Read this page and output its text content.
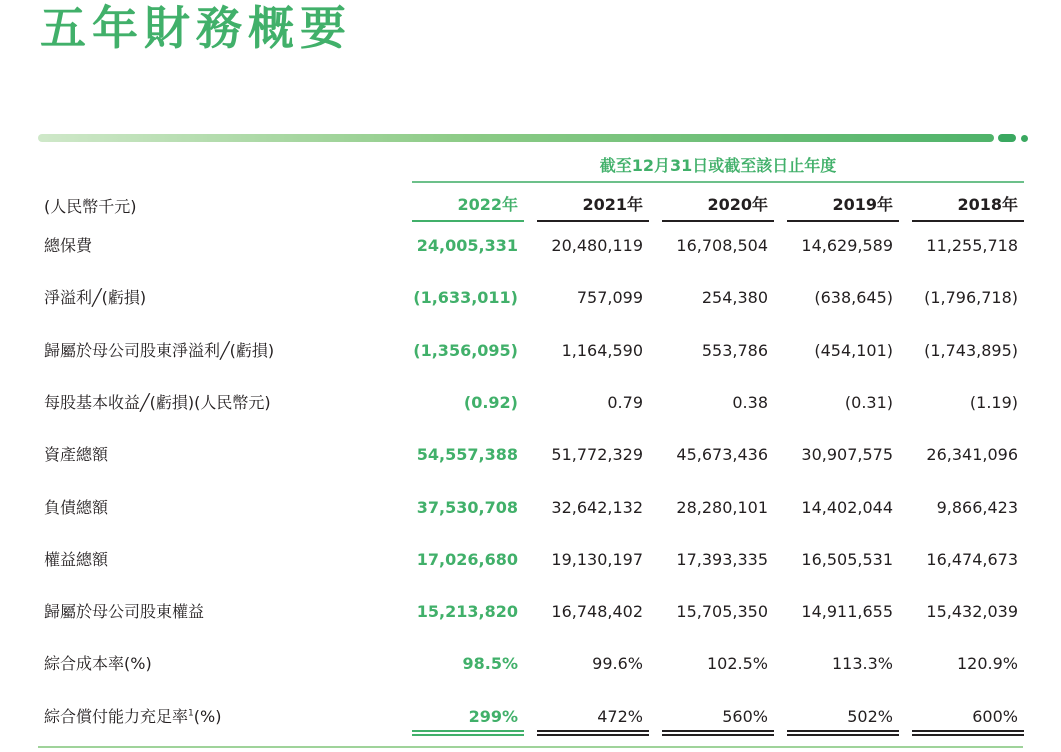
五年財務概要
截至12月31日或截至該日止年度
(人民幣千元)	2022年	2021年	2020年	2019年	2018年
總保費	24,005,331	20,480,119	16,708,504	14,629,589	11,255,718
淨溢利╱(虧損)	(1,633,011)	757,099	254,380	(638,645)	(1,796,718)
歸屬於母公司股東淨溢利╱(虧損)	(1,356,095)	1,164,590	553,786	(454,101)	(1,743,895)
每股基本收益╱(虧損)(人民幣元)	(0.92)	0.79	0.38	(0.31)	(1.19)
資產總額	54,557,388	51,772,329	45,673,436	30,907,575	26,341,096
負債總額	37,530,708	32,642,132	28,280,101	14,402,044	9,866,423
權益總額	17,026,680	19,130,197	17,393,335	16,505,531	16,474,673
歸屬於母公司股東權益	15,213,820	16,748,402	15,705,350	14,911,655	15,432,039
綜合成本率(%)	98.5%	99.6%	102.5%	113.3%	120.9%
綜合償付能力充足率$^1$(%)	299%	472%	560%	502%	600%
